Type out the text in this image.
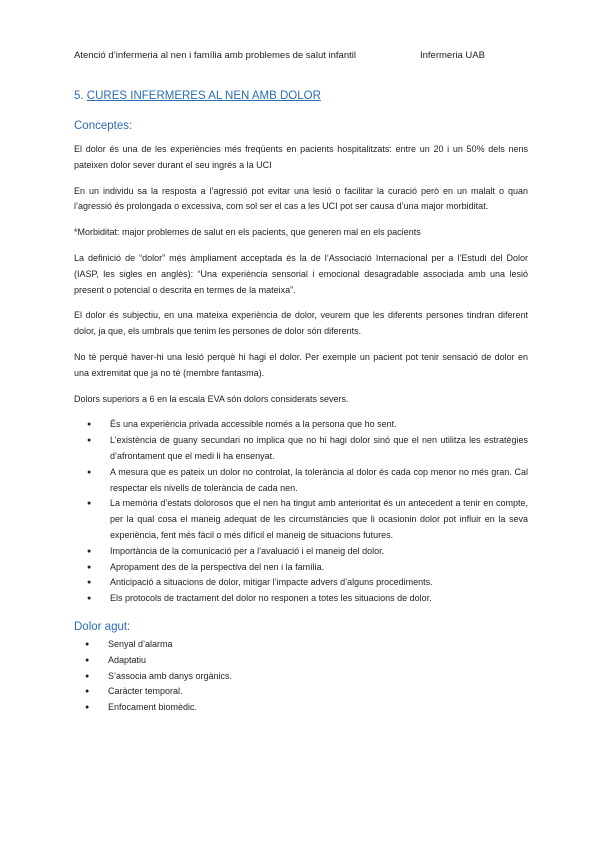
Atenció d’infermeria al nen i família amb problemes de salut infantil	Infermeria UAB
5. CURES INFERMERES AL NEN AMB DOLOR
Conceptes:

El dolor és una de les experiències més freqüents en pacients hospitalitzats: entre un 20 i un 50% dels nens pateixen dolor sever durant el seu ingrés a la UCI

En un individu sa la resposta a l’agressió pot evitar una lesió o facilitar la curació però en un malalt o quan l’agressió és prolongada o excessiva, com sol ser el cas a les UCI pot ser causa d’una major morbiditat.

*Morbiditat: major problemes de salut en els pacients, que generen mal en els pacients

La definició de “dolor” més àmpliament acceptada és la de l’Associació Internacional per a l’Estudi del Dolor (IASP, les sigles en anglès): “Una experiència sensorial i emocional desagradable associada amb una lesió present o potencial o descrita en termes de la mateixa”.

El dolor és subjectiu, en una mateixa experiència de dolor, veurem que les diferents persones tindran diferent dolor, ja que, els umbrals que tenim les persones de dolor són diferents.

No té perquè haver-hi una lesió perquè hi hagi el dolor. Per exemple un pacient pot tenir sensació de dolor en una extremitat que ja no té (membre fantasma).

Dolors superiors a 6 en la escala EVA són dolors considerats severs.

● És una experiència privada accessible només a la persona que ho sent.
● L’existència de guany secundari no implica que no hi hagi dolor sinó que el nen utilitza les estratègies d’afrontament que el medi li ha ensenyat.
● A mesura que es pateix un dolor no controlat, la tolerància al dolor és cada cop menor no més gran. Cal respectar els nivells de tolerància de cada nen.
● La memòria d’estats dolorosos que el nen ha tingut amb anterioritat és un antecedent a tenir en compte, per la qual cosa el maneig adequat de les circumstàncies que li ocasionin dolor pot influir en la seva experiència, fent més fàcil o més difícil el maneig de situacions futures.
● Importància de la comunicació per a l’avaluació i el maneig del dolor.
● Apropament des de la perspectiva del nen i la família.
● Anticipació a situacions de dolor, mitigar l’impacte advers d’alguns procediments.
● Els protocols de tractament del dolor no responen a totes les situacions de dolor.
Dolor agut:
● Senyal d’alarma
● Adaptatiu
● S’associa amb danys orgànics.
● Caràcter temporal.
● Enfocament biomèdic.
